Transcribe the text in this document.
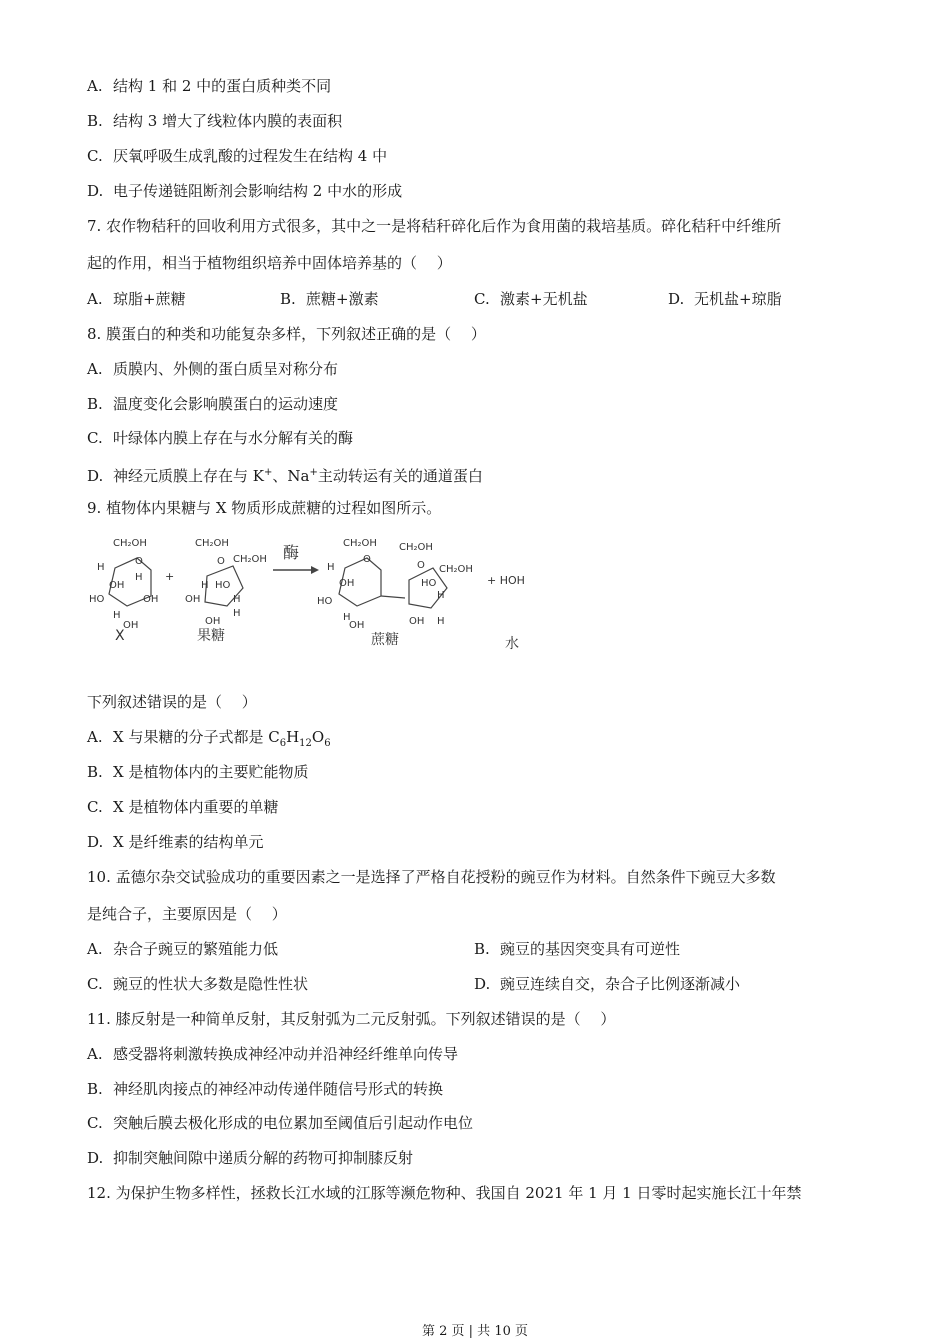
A. 结构 1 和 2 中的蛋白质种类不同
B. 结构 3 增大了线粒体内膜的表面积
C. 厌氧呼吸生成乳酸的过程发生在结构 4 中
D. 电子传递链阻断剂会影响结构 2 中水的形成
7. 农作物秸秆的回收利用方式很多，其中之一是将秸秆碎化后作为食用菌的栽培基质。碎化秸秆中纤维所
起的作用，相当于植物组织培养中固体培养基的（　 ）
A. 琼脂+蔗糖	B. 蔗糖+激素	C. 激素+无机盐	D. 无机盐+琼脂
8. 膜蛋白的种类和功能复杂多样，下列叙述正确的是（　 ）
A. 质膜内、外侧的蛋白质呈对称分布
B. 温度变化会影响膜蛋白的运动速度
C. 叶绿体内膜上存在与水分解有关的酶
D. 神经元质膜上存在与 K+、Na+主动转运有关的通道蛋白
9. 植物体内果糖与 X 物质形成蔗糖的过程如图所示。
CH₂OH
O
H
OH
H
HO	OH
H
OH
X
+
CH₂OH
O CH₂OH
H HO
OH	H
OH
H
果糖
酶	CH₂OH
O
H
OH
HO
H
OH
CH₂OH
O CH₂OH
HO
H
OH H
蔗糖
+ HOH
水
下列叙述错误的是（　 ）
A. X 与果糖的分子式都是 $C_6H_{12}O_6$
B. X 是植物体内的主要贮能物质
C. X 是植物体内重要的单糖
D. X 是纤维素的结构单元
10. 孟德尔杂交试验成功的重要因素之一是选择了严格自花授粉的豌豆作为材料。自然条件下豌豆大多数
是纯合子，主要原因是（　 ）
A. 杂合子豌豆的繁殖能力低	B. 豌豆的基因突变具有可逆性
C. 豌豆的性状大多数是隐性性状	D. 豌豆连续自交，杂合子比例逐渐减小
11. 膝反射是一种简单反射，其反射弧为二元反射弧。下列叙述错误的是（　 ）
A. 感受器将刺激转换成神经冲动并沿神经纤维单向传导
B. 神经肌肉接点的神经冲动传递伴随信号形式的转换
C. 突触后膜去极化形成的电位累加至阈值后引起动作电位
D. 抑制突触间隙中递质分解的药物可抑制膝反射
12. 为保护生物多样性，拯救长江水域的江豚等濒危物种、我国自 2021 年 1 月 1 日零时起实施长江十年禁
第 2 页 | 共 10 页
